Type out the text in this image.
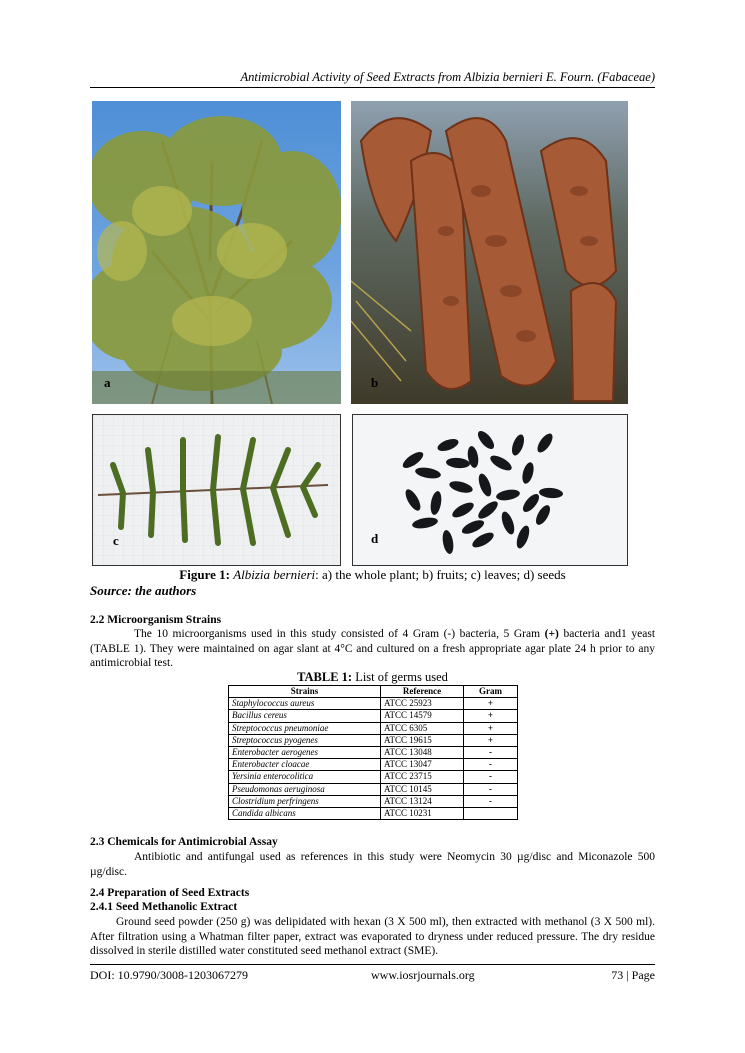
Antimicrobial Activity of Seed Extracts from Albizia bernieri E. Fourn. (Fabaceae)
a	b
c	d
Figure 1: Albizia bernieri: a) the whole plant; b) fruits; c) leaves; d) seeds
Source: the authors
2.2 Microorganism Strains
The 10 microorganisms used in this study consisted of 4 Gram (-) bacteria, 5 Gram (+) bacteria and1 yeast (TABLE 1). They were maintained on agar slant at 4°C and cultured on a fresh appropriate agar plate 24 h prior to any antimicrobial test.
TABLE 1: List of germs used
Strains	Reference	Gram
Staphylococcus aureus	ATCC 25923	+
Bacillus cereus	ATCC 14579	+
Streptococcus pneumoniae	ATCC 6305	+
Streptococcus pyogenes	ATCC 19615	+
Enterobacter aerogenes	ATCC 13048	-
Enterobacter cloacae	ATCC 13047	-
Yersinia enterocolitica	ATCC 23715	-
Pseudomonas aeruginosa	ATCC 10145	-
Clostridium perfringens	ATCC 13124	-
Candida albicans	ATCC 10231	
2.3 Chemicals for Antimicrobial Assay
Antibiotic and antifungal used as references in this study were Neomycin 30 µg/disc and Miconazole 500 µg/disc.
2.4 Preparation of Seed Extracts
2.4.1 Seed Methanolic Extract
Ground seed powder (250 g) was delipidated with hexan (3 X 500 ml), then extracted with methanol (3 X 500 ml). After filtration using a Whatman filter paper, extract was evaporated to dryness under reduced pressure. The dry residue dissolved in sterile distilled water constituted seed methanol extract (SME).
DOI: 10.9790/3008-1203067279	www.iosrjournals.org	73 | Page
